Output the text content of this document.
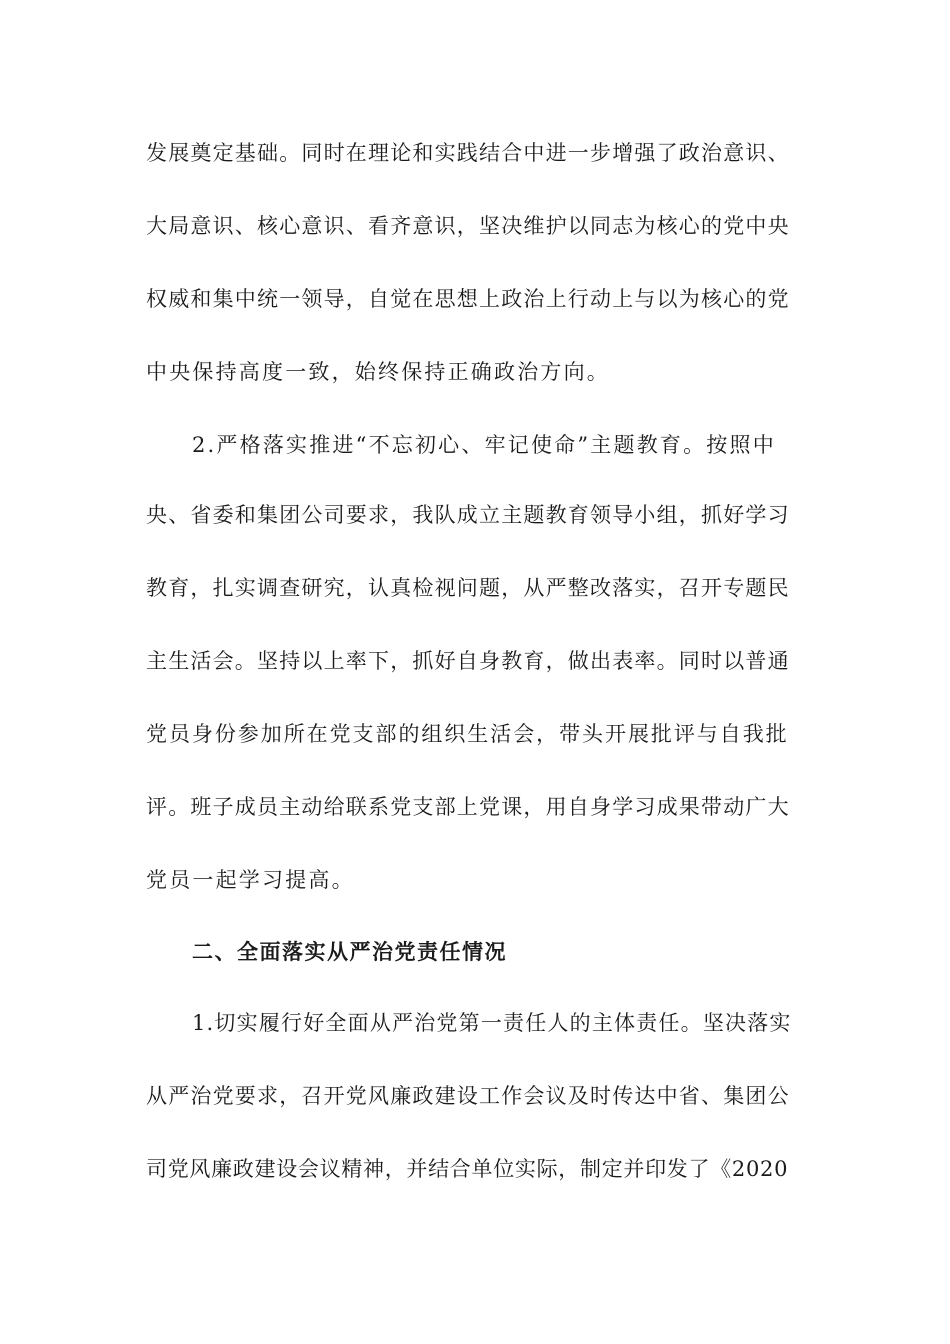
发展奠定基础。同时在理论和实践结合中进一步增强了政治意识、
大局意识、核心意识、看齐意识，坚决维护以同志为核心的党中央
权威和集中统一领导，自觉在思想上政治上行动上与以为核心的党
中央保持高度一致，始终保持正确政治方向。
2.严格落实推进“不忘初心、牢记使命”主题教育。按照中
央、省委和集团公司要求，我队成立主题教育领导小组，抓好学习
教育，扎实调查研究，认真检视问题，从严整改落实，召开专题民
主生活会。坚持以上率下，抓好自身教育，做出表率。同时以普通
党员身份参加所在党支部的组织生活会，带头开展批评与自我批
评。班子成员主动给联系党支部上党课，用自身学习成果带动广大
党员一起学习提高。
二、全面落实从严治党责任情况
1.切实履行好全面从严治党第一责任人的主体责任。坚决落实
从严治党要求，召开党风廉政建设工作会议及时传达中省、集团公
司党风廉政建设会议精神，并结合单位实际，制定并印发了《2020
